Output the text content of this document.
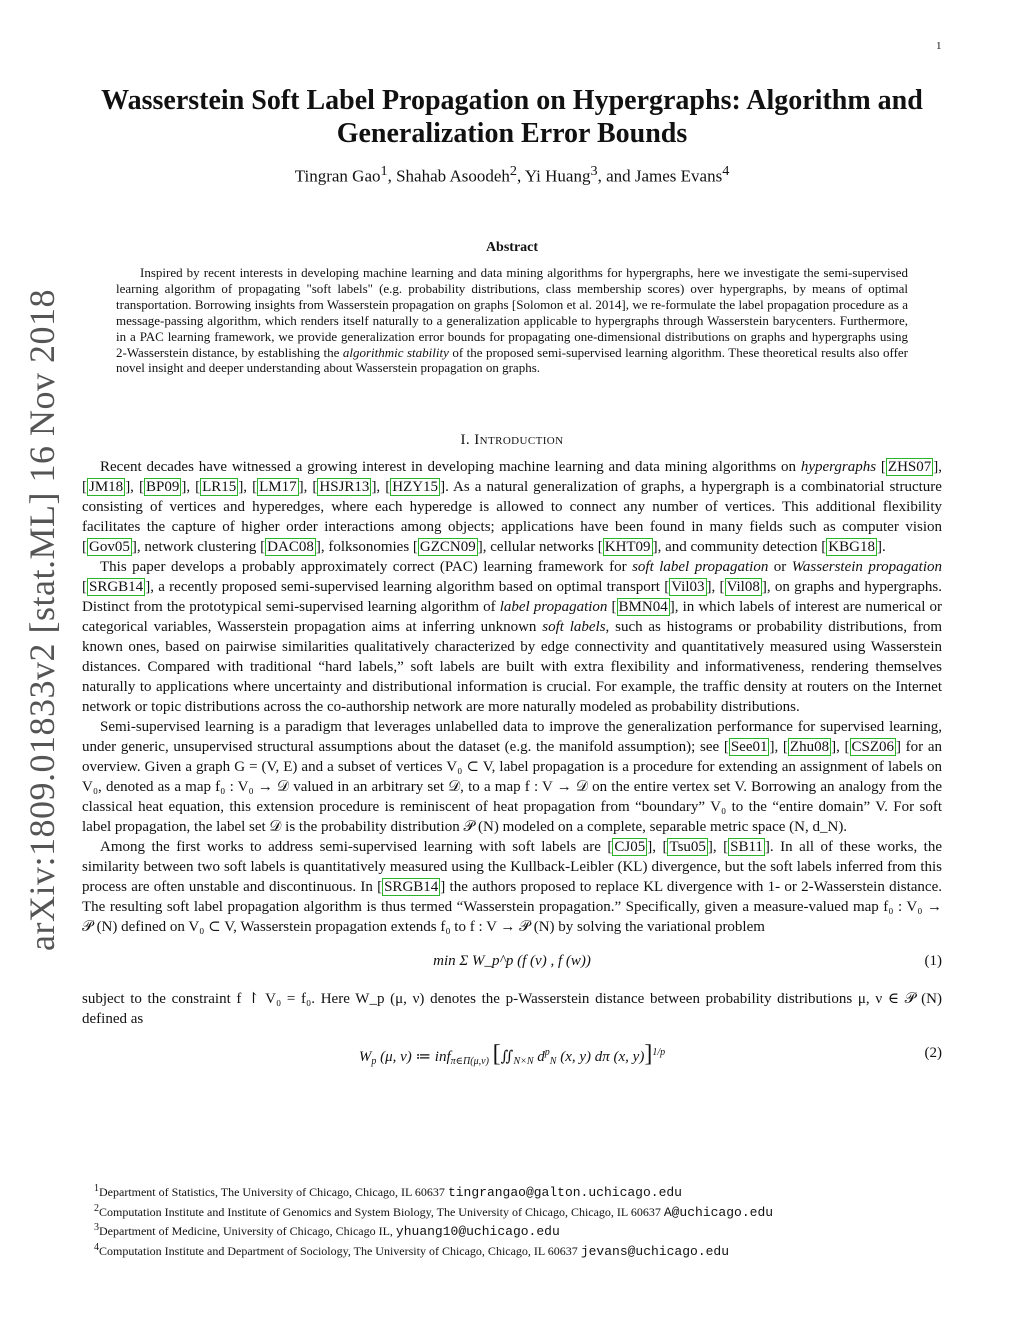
1
arXiv:1809.01833v2 [stat.ML] 16 Nov 2018
Wasserstein Soft Label Propagation on Hypergraphs: Algorithm and
Generalization Error Bounds
Tingran Gao$^1$, Shahab Asoodeh$^2$, Yi Huang$^3$, and James Evans$^4$
Abstract
Inspired by recent interests in developing machine learning and data mining algorithms for hypergraphs, here we investigate the semi-supervised learning algorithm of propagating "soft labels" (e.g. probability distributions, class membership scores) over hypergraphs, by means of optimal transportation. Borrowing insights from Wasserstein propagation on graphs [Solomon et al. 2014], we re-formulate the label propagation procedure as a message-passing algorithm, which renders itself naturally to a generalization applicable to hypergraphs through Wasserstein barycenters. Furthermore, in a PAC learning framework, we provide generalization error bounds for propagating one-dimensional distributions on graphs and hypergraphs using 2-Wasserstein distance, by establishing the algorithmic stability of the proposed semi-supervised learning algorithm. These theoretical results also offer novel insight and deeper understanding about Wasserstein propagation on graphs.
I. Introduction

Recent decades have witnessed a growing interest in developing machine learning and data mining algorithms on hypergraphs [ ZHS07 ], [ JM18 ], [ BP09 ], [ LR15 ], [ LM17 ], [ HSJR13 ], [ HZY15 ]. As a natural generalization of graphs, a hypergraph is a combinatorial structure consisting of vertices and hyperedges, where each hyperedge is allowed to connect any number of vertices. This additional flexibility facilitates the capture of higher order interactions among objects; applications have been found in many fields such as computer vision [ Gov05 ], network clustering [ DAC08 ], folksonomies [ GZCN09 ], cellular networks [ KHT09 ], and community detection [ KBG18 ].

This paper develops a probably approximately correct (PAC) learning framework for soft label propagation or Wasserstein propagation [ SRGB14 ], a recently proposed semi-supervised learning algorithm based on optimal transport [ Vil03 ], [ Vil08 ], on graphs and hypergraphs. Distinct from the prototypical semi-supervised learning algorithm of label propagation [ BMN04 ], in which labels of interest are numerical or categorical variables, Wasserstein propagation aims at inferring unknown soft labels, such as histograms or probability distributions, from known ones, based on pairwise similarities qualitatively characterized by edge connectivity and quantitatively measured using Wasserstein distances. Compared with traditional “hard labels,” soft labels are built with extra flexibility and informativeness, rendering themselves naturally to applications where uncertainty and distributional information is crucial. For example, the traffic density at routers on the Internet network or topic distributions across the co-authorship network are more naturally modeled as probability distributions.

Semi-supervised learning is a paradigm that leverages unlabelled data to improve the generalization performance for supervised learning, under generic, unsupervised structural assumptions about the dataset (e.g. the manifold assumption); see [ See01 ], [ Zhu08 ], [ CSZ06 ] for an overview. Given a graph G = (V, E) and a subset of vertices V₀ ⊂ V, label propagation is a procedure for extending an assignment of labels on V₀, denoted as a map f₀ : V₀ → 𝒟 valued in an arbitrary set 𝒟, to a map f : V → 𝒟 on the entire vertex set V. Borrowing an analogy from the classical heat equation, this extension procedure is reminiscent of heat propagation from “boundary” V₀ to the “entire domain” V. For soft label propagation, the label set 𝒟 is the probability distribution 𝒫 (N) modeled on a complete, separable metric space (N, d_N).

Among the first works to address semi-supervised learning with soft labels are [ CJ05 ], [ Tsu05 ], [ SB11 ]. In all of these works, the similarity between two soft labels is quantitatively measured using the Kullback-Leibler (KL) divergence, but the soft labels inferred from this process are often unstable and discontinuous. In [ SRGB14 ] the authors proposed to replace KL divergence with 1- or 2-Wasserstein distance. The resulting soft label propagation algorithm is thus termed “Wasserstein propagation.” Specifically, given a measure-valued map f₀ : V₀ → 𝒫 (N) defined on V₀ ⊂ V, Wasserstein propagation extends f₀ to f : V → 𝒫 (N) by solving the variational problem

min Σ W_p^p (f (v) , f (w))	(1)

subject to the constraint f ↾ V₀ = f₀. Here W_p (μ, ν) denotes the p-Wasserstein distance between probability distributions μ, ν ∈ 𝒫 (N) defined as

$W_p$ (μ, ν) ≔ inf$_{\pi\in\Pi(\mu,\nu)}$ [$∬_{N\times N}$ $d^p_N$ (x, y) dπ (x, y)]$^{1/p}$	(2)
$^1$Department of Statistics, The University of Chicago, Chicago, IL 60637 tingrangao@galton.uchicago.edu
$^2$Computation Institute and Institute of Genomics and System Biology, The University of Chicago, Chicago, IL 60637 A@uchicago.edu
$^3$Department of Medicine, University of Chicago, Chicago IL, yhuang10@uchicago.edu
$^4$Computation Institute and Department of Sociology, The University of Chicago, Chicago, IL 60637 jevans@uchicago.edu
